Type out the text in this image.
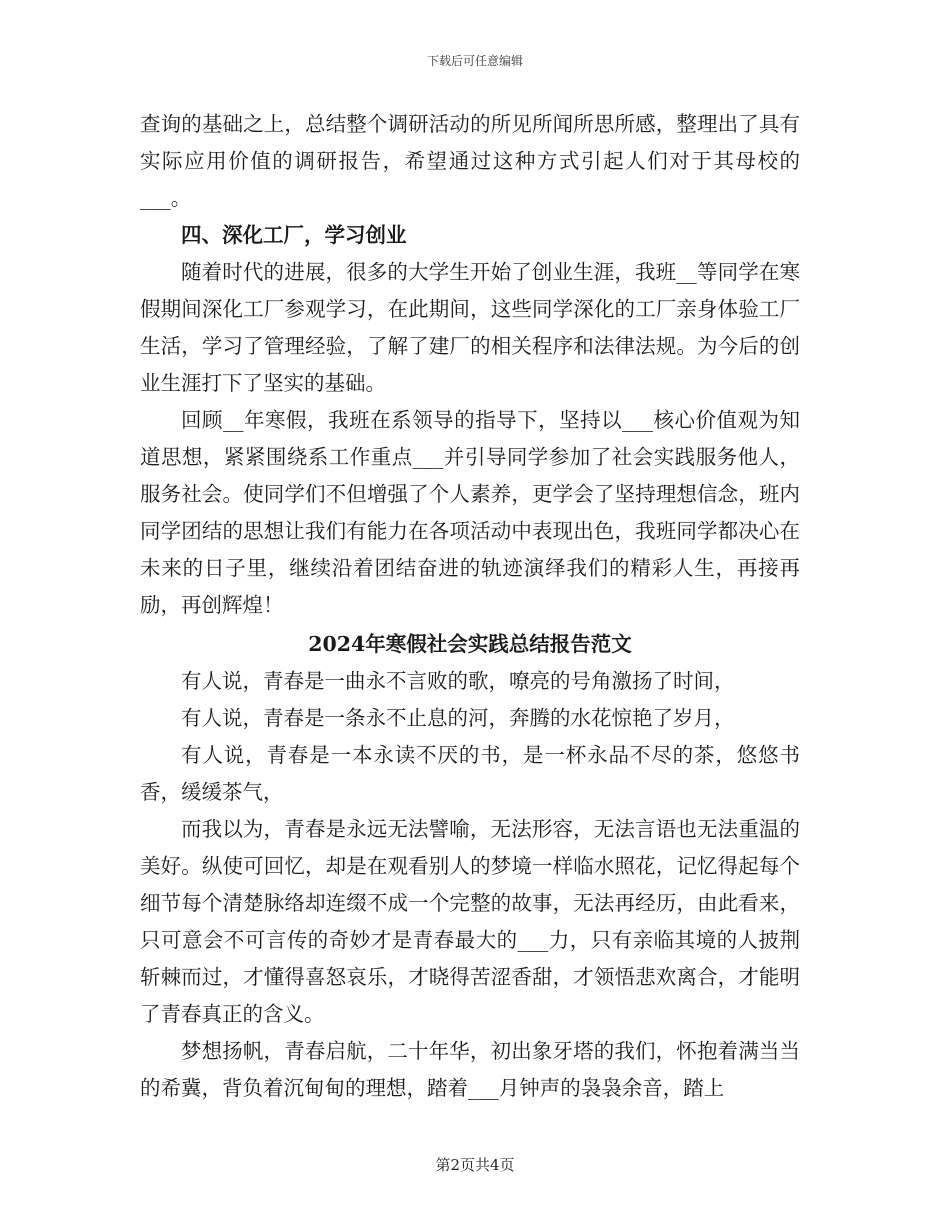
下载后可任意编辑

查询的基础之上，总结整个调研活动的所见所闻所思所感，整理出了具有实际应用价值的调研报告，希望通过这种方式引起人们对于其母校的___。

四、深化工厂，学习创业

随着时代的进展，很多的大学生开始了创业生涯，我班__等同学在寒假期间深化工厂参观学习，在此期间，这些同学深化的工厂亲身体验工厂生活，学习了管理经验，了解了建厂的相关程序和法律法规。为今后的创业生涯打下了坚实的基础。

回顾__年寒假，我班在系领导的指导下，坚持以___核心价值观为知道思想，紧紧围绕系工作重点___并引导同学参加了社会实践服务他人，服务社会。使同学们不但增强了个人素养，更学会了坚持理想信念，班内同学团结的思想让我们有能力在各项活动中表现出色，我班同学都决心在未来的日子里，继续沿着团结奋进的轨迹演绎我们的精彩人生，再接再励，再创辉煌！

2024年寒假社会实践总结报告范文

有人说，青春是一曲永不言败的歌，嘹亮的号角激扬了时间，

有人说，青春是一条永不止息的河，奔腾的水花惊艳了岁月，

有人说，青春是一本永读不厌的书，是一杯永品不尽的茶，悠悠书香，缓缓茶气，

而我以为，青春是永远无法譬喻，无法形容，无法言语也无法重温的美好。纵使可回忆，却是在观看别人的梦境一样临水照花，记忆得起每个细节每个清楚脉络却连缀不成一个完整的故事，无法再经历，由此看来，只可意会不可言传的奇妙才是青春最大的___力，只有亲临其境的人披荆斩棘而过，才懂得喜怒哀乐，才晓得苦涩香甜，才领悟悲欢离合，才能明了青春真正的含义。

梦想扬帆，青春启航，二十年华，初出象牙塔的我们，怀抱着满当当的希冀，背负着沉甸甸的理想，踏着___月钟声的袅袅余音，踏上

第2页共4页
